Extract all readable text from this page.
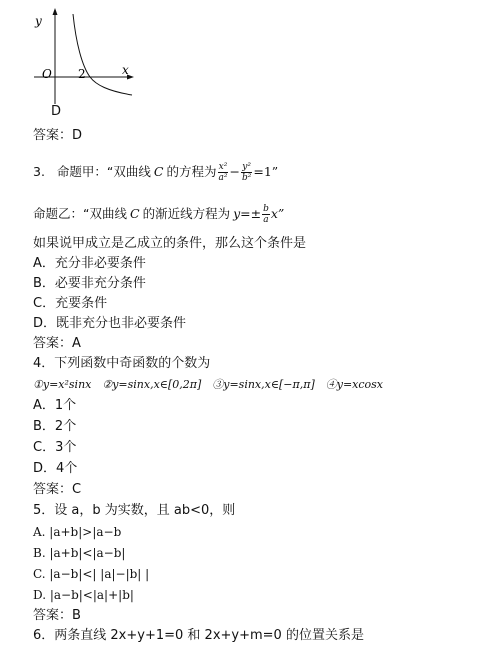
y
x
O 2
D
答案：D
3. 命题甲：“双曲线 C 的方程为 $\frac{\text{x²}}{\text{a²}} - \frac{\text{y²}}{\text{b²}} =1$”
命题乙：“双曲线 C 的渐近线方程为 $y=\pm \frac{b}{a} x$”
如果说甲成立是乙成立的条件，那么这个条件是
A．充分非必要条件
B．必要非充分条件
C．充要条件
D．既非充分也非必要条件
答案：A
4．下列函数中奇函数的个数为
①y=x²sinx　②y=sinx,x∈[0,2π]　③y=sinx,x∈[−π,π]　④y=xcosx
A．1个
B．2个
C．3个
D．4个
答案：C
5．设 a，b 为实数，且 ab<0，则
A. |a+b|>|a−b
B. |a+b|<|a−b|
C. |a−b|<| |a|−|b| |
D. |a−b|<|a|+|b|
答案：B
6．两条直线 2x+y+1=0 和 2x+y+m=0 的位置关系是
